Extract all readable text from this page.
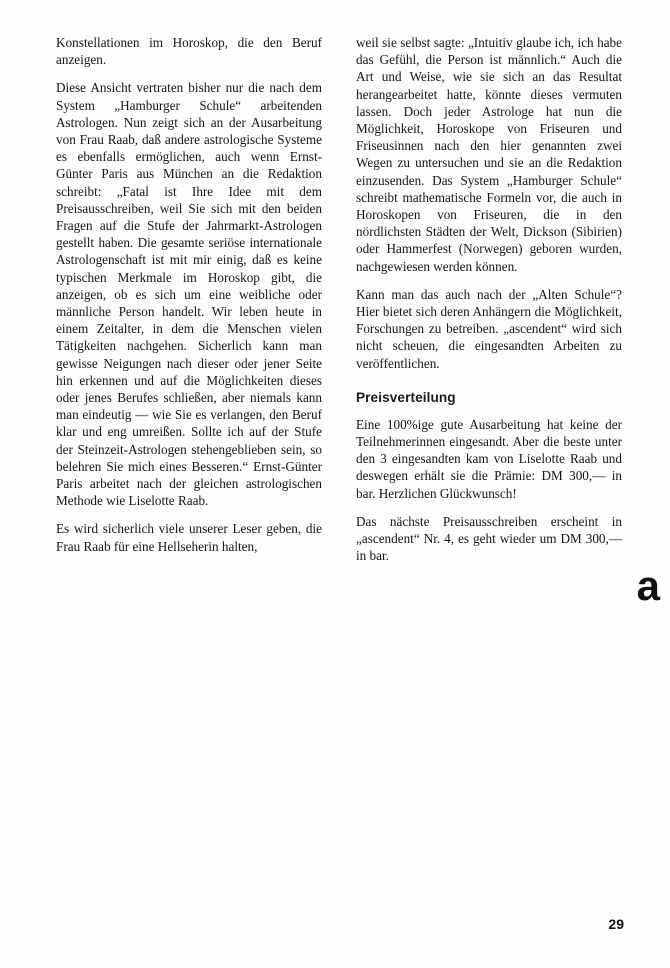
Konstellationen im Horoskop, die den Beruf anzeigen.

Diese Ansicht vertraten bisher nur die nach dem System „Hamburger Schule“ arbeitenden Astrologen. Nun zeigt sich an der Ausarbeitung von Frau Raab, daß andere astrologische Systeme es ebenfalls ermöglichen, auch wenn Ernst-Günter Paris aus München an die Redaktion schreibt: „Fatal ist Ihre Idee mit dem Preisausschreiben, weil Sie sich mit den beiden Fragen auf die Stufe der Jahrmarkt-Astrologen gestellt haben. Die gesamte seriöse internationale Astrologenschaft ist mit mir einig, daß es keine typischen Merkmale im Horoskop gibt, die anzeigen, ob es sich um eine weibliche oder männliche Person handelt. Wir leben heute in einem Zeitalter, in dem die Menschen vielen Tätigkeiten nachgehen. Sicherlich kann man gewisse Neigungen nach dieser oder jener Seite hin erkennen und auf die Möglichkeiten dieses oder jenes Berufes schließen, aber niemals kann man eindeutig — wie Sie es verlangen, den Beruf klar und eng umreißen. Sollte ich auf der Stufe der Steinzeit-Astrologen stehengeblieben sein, so belehren Sie mich eines Besseren.“ Ernst-Günter Paris arbeitet nach der gleichen astrologischen Methode wie Liselotte Raab.

Es wird sicherlich viele unserer Leser geben, die Frau Raab für eine Hellseherin halten,

weil sie selbst sagte: „Intuitiv glaube ich, ich habe das Gefühl, die Person ist männlich.“ Auch die Art und Weise, wie sie sich an das Resultat herangearbeitet hatte, könnte dieses vermuten lassen. Doch jeder Astrologe hat nun die Möglichkeit, Horoskope von Friseuren und Friseusinnen nach den hier genannten zwei Wegen zu untersuchen und sie an die Redaktion einzusenden. Das System „Hamburger Schule“ schreibt mathematische Formeln vor, die auch in Horoskopen von Friseuren, die in den nördlichsten Städten der Welt, Dickson (Sibirien) oder Hammerfest (Norwegen) geboren wurden, nachgewiesen werden können.

Kann man das auch nach der „Alten Schule“? Hier bietet sich deren Anhängern die Möglichkeit, Forschungen zu betreiben. „ascendent“ wird sich nicht scheuen, die eingesandten Arbeiten zu veröffentlichen.

Preisverteilung

Eine 100%ige gute Ausarbeitung hat keine der Teilnehmerinnen eingesandt. Aber die beste unter den 3 eingesandten kam von Liselotte Raab und deswegen erhält sie die Prämie: DM 300,— in bar. Herzlichen Glückwunsch!

Das nächste Preisausschreiben erscheint in „ascendent“ Nr. 4, es geht wieder um DM 300,— in bar.

a
29
